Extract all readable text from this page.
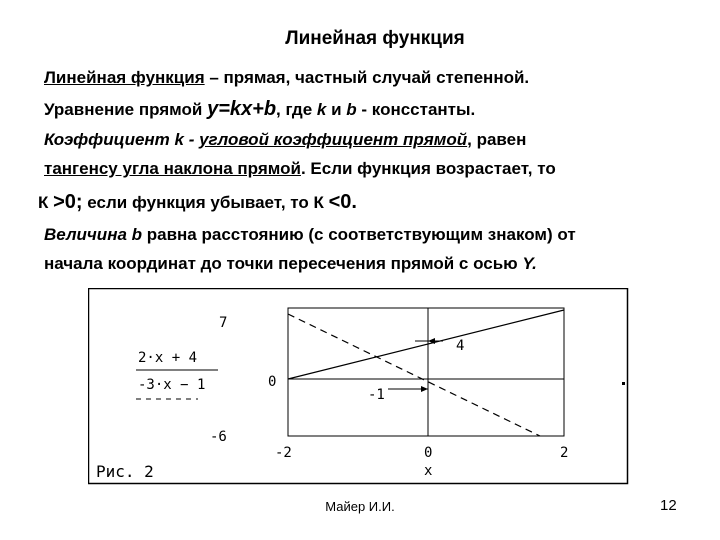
Линейная функция
Линейная функция – прямая, частный случай степенной.
Уравнение прямой y=kx+b, где k и b - конcстанты.
Коэффициент k - угловой коэффициент прямой, равен
тангенсу угла наклона прямой. Если функция возрастает, то
К >0; если функция убывает, то К <0.
Величина b равна расстоянию (с соответствующим знаком) от
начала координат до точки пересечения прямой с осью Y.
4
-1
7
0
-6
-2	0	2
x
2·x + 4
-3·x − 1
Рис. 2
Майер И.И.	12
